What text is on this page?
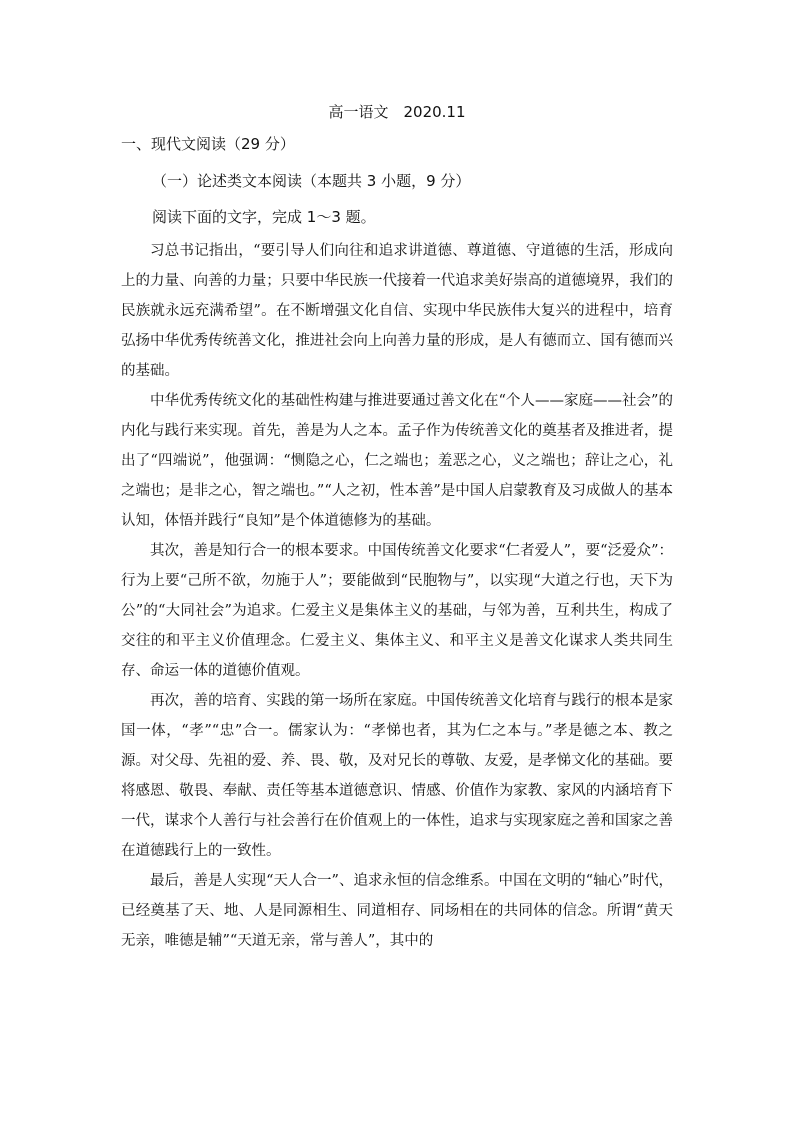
高一语文　2020.11
一、现代文阅读（29 分）
（一）论述类文本阅读（本题共 3 小题，9 分）
阅读下面的文字，完成 1～3 题。

习总书记指出，“要引导人们向往和追求讲道德、尊道德、守道德的生活，形成向上的力量、向善的力量；只要中华民族一代接着一代追求美好崇高的道德境界，我们的民族就永远充满希望”。在不断增强文化自信、实现中华民族伟大复兴的进程中，培育弘扬中华优秀传统善文化，推进社会向上向善力量的形成，是人有德而立、国有德而兴的基础。

中华优秀传统文化的基础性构建与推进要通过善文化在“个人——家庭——社会”的内化与践行来实现。首先，善是为人之本。孟子作为传统善文化的奠基者及推进者，提出了“四端说”，他强调：“恻隐之心，仁之端也；羞恶之心，义之端也；辞让之心，礼之端也；是非之心，智之端也。”“人之初，性本善”是中国人启蒙教育及习成做人的基本认知，体悟并践行“良知”是个体道德修为的基础。

其次，善是知行合一的根本要求。中国传统善文化要求“仁者爱人”，要“泛爱众”：行为上要“己所不欲，勿施于人”；要能做到“民胞物与”，以实现“大道之行也，天下为公”的“大同社会”为追求。仁爱主义是集体主义的基础，与邻为善，互利共生，构成了交往的和平主义价值理念。仁爱主义、集体主义、和平主义是善文化谋求人类共同生存、命运一体的道德价值观。

再次，善的培育、实践的第一场所在家庭。中国传统善文化培育与践行的根本是家国一体，“孝”“忠”合一。儒家认为：“孝悌也者，其为仁之本与。”孝是德之本、教之源。对父母、先祖的爱、养、畏、敬，及对兄长的尊敬、友爱，是孝悌文化的基础。要将感恩、敬畏、奉献、责任等基本道德意识、情感、价值作为家教、家风的内涵培育下一代，谋求个人善行与社会善行在价值观上的一体性，追求与实现家庭之善和国家之善在道德践行上的一致性。

最后，善是人实现“天人合一”、追求永恒的信念维系。中国在文明的“轴心”时代，已经奠基了天、地、人是同源相生、同道相存、同场相在的共同体的信念。所谓“黄天无亲，唯德是辅”“天道无亲，常与善人”，其中的
